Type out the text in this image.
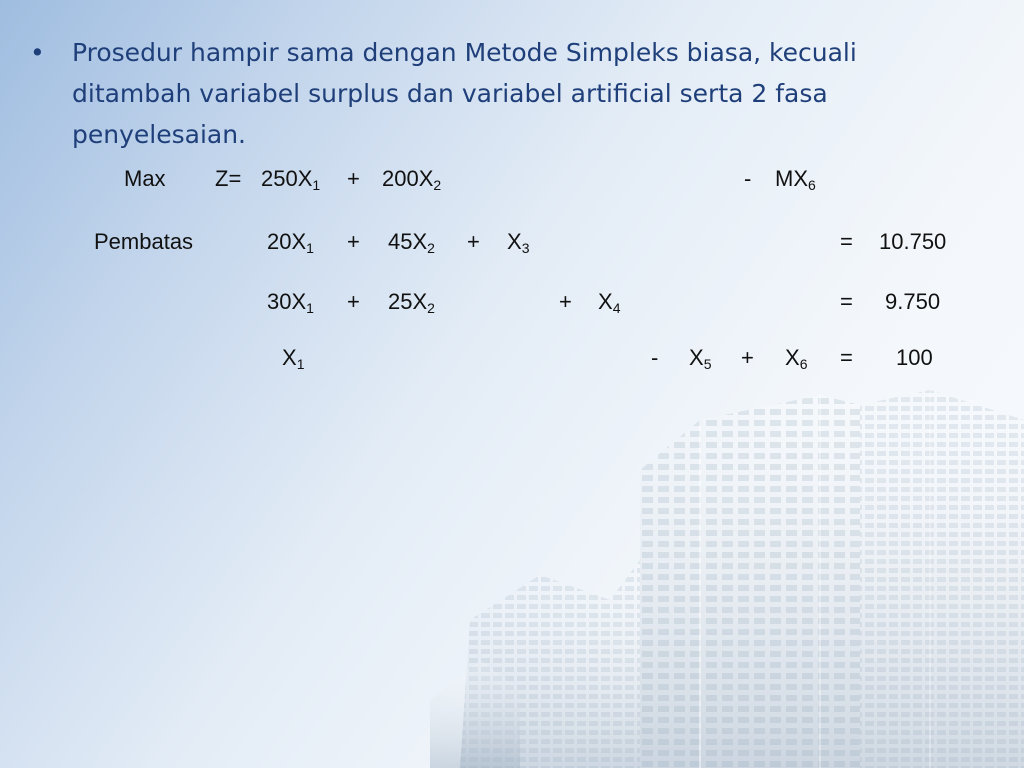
•	Prosedur hampir sama dengan Metode Simpleks biasa, kecuali ditambah variabel surplus dan variabel artificial serta 2 fasa penyelesaian.
Max $Z= 250X_1 + 200X_2$	- $MX_6$
Pembatas	$20X_1 + 45X_2 + X_3$	= 10.750
$30X_1 + 25X_2$	+ $X_4$	= 9.750
$X_1$	- $X_5 + X_6 = 100$
